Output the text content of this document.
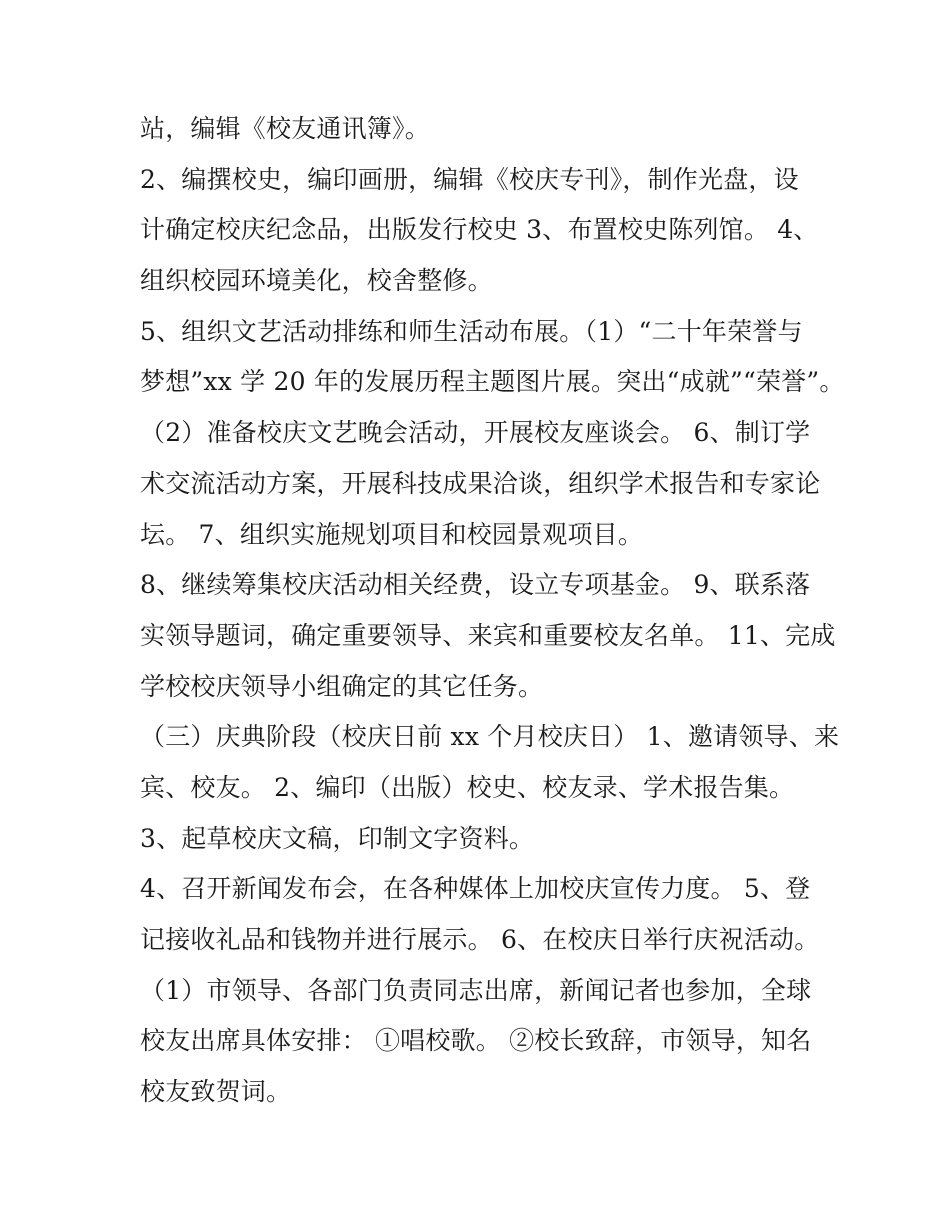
站，编辑《校友通讯簿》。
2、编撰校史，编印画册，编辑《校庆专刊》，制作光盘，设
计确定校庆纪念品，出版发行校史 3、布置校史陈列馆。 4、
组织校园环境美化，校舍整修。
5、组织文艺活动排练和师生活动布展。（1）“二十年荣誉与
梦想”xx 学 20 年的发展历程主题图片展。突出“成就”“荣誉”。
（2）准备校庆文艺晚会活动，开展校友座谈会。 6、制订学
术交流活动方案，开展科技成果洽谈，组织学术报告和专家论
坛。 7、组织实施规划项目和校园景观项目。
8、继续筹集校庆活动相关经费，设立专项基金。 9、联系落
实领导题词，确定重要领导、来宾和重要校友名单。 11、完成
学校校庆领导小组确定的其它任务。
（三）庆典阶段（校庆日前 xx 个月校庆日） 1、邀请领导、来
宾、校友。 2、编印（出版）校史、校友录、学术报告集。
3、起草校庆文稿，印制文字资料。
4、召开新闻发布会，在各种媒体上加校庆宣传力度。 5、登
记接收礼品和钱物并进行展示。 6、在校庆日举行庆祝活动。
（1）市领导、各部门负责同志出席，新闻记者也参加，全球
校友出席具体安排： ①唱校歌。 ②校长致辞，市领导，知名
校友致贺词。
